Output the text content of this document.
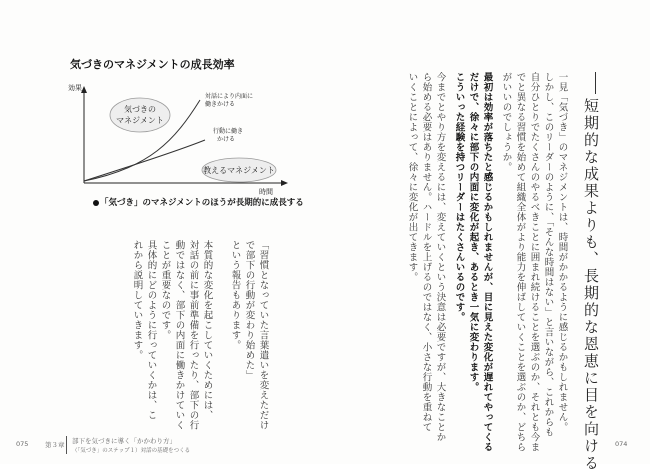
気づきのマネジメントの成長効率
効果
時間
気づきの
マネジメント
教えるマネジメント
対話により内面に
働きかける
行動に働き
かける
「気づき」のマネジメントのほうが長期的に成長する
「習慣となっていた言葉遣いを変えただけ
で部下の行動が変わり始めた」
という報告もあります。
本質的な変化を起こしていくためには、
対話の前に事前準備を行ったり、部下の行
動ではなく、部下の内面に働きかけていく
ことが重要なのです。
具体的にどのように行っていくかは、こ
れから説明していきます。
075	第３章 部下を気づきに導く「かかわり方」
（「気づき」のステップ１）対話の基礎をつくる	短期的な成果よりも、長期的な恩恵に目を向ける
一見「気づき」のマネジメントは、時間がかかるように感じるかもしれません。
しかし、このリーダーのように、「そんな時間はない」と言いながら、これからも
自分ひとりでたくさんのやるべきことに囲まれ続けることを選ぶのか、それとも今ま
でと異なる習慣を始めて組織全体がより能力を伸ばしていくことを選ぶのか、どちら
がいいのでしょうか。
最初は効率が落ちたと感じるかもしれませんが、目に見えた変化が遅れてやってくる
だけで、徐々に部下の内面に変化が起き、あるとき一気に変わります。
こういった経験を持つリーダーはたくさんいるのです。
今までとやり方を変えるには、変えていくという決意は必要ですが、大きなことか
ら始める必要はありません。ハードルを上げるのではなく、小さな行動を重ねて
いくことによって、徐々に変化が出てきます。
074
